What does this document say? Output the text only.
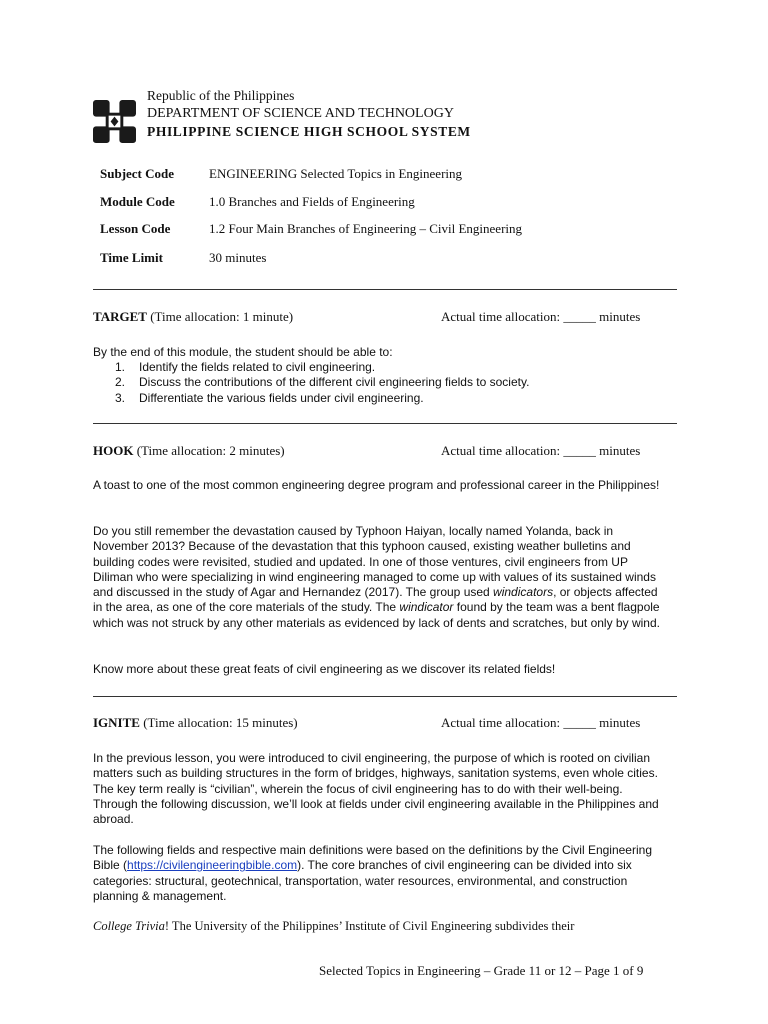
Republic of the Philippines
DEPARTMENT OF SCIENCE AND TECHNOLOGY
PHILIPPINE SCIENCE HIGH SCHOOL SYSTEM
Subject Code	ENGINEERING Selected Topics in Engineering
Module Code	1.0 Branches and Fields of Engineering
Lesson Code	1.2 Four Main Branches of Engineering – Civil Engineering
Time Limit	30 minutes
TARGET (Time allocation: 1 minute)	Actual time allocation: _____ minutes

By the end of this module, the student should be able to:

1. Identify the fields related to civil engineering.
2. Discuss the contributions of the different civil engineering fields to society.
3. Differentiate the various fields under civil engineering.
HOOK (Time allocation: 2 minutes)	Actual time allocation: _____ minutes

A toast to one of the most common engineering degree program and professional career in the Philippines!

Do you still remember the devastation caused by Typhoon Haiyan, locally named Yolanda, back in November 2013? Because of the devastation that this typhoon caused, existing weather bulletins and building codes were revisited, studied and updated. In one of those ventures, civil engineers from UP Diliman who were specializing in wind engineering managed to come up with values of its sustained winds and discussed in the study of Agar and Hernandez (2017). The group used windicators, or objects affected in the area, as one of the core materials of the study. The windicator found by the team was a bent flagpole which was not struck by any other materials as evidenced by lack of dents and scratches, but only by wind.

Know more about these great feats of civil engineering as we discover its related fields!

IGNITE (Time allocation: 15 minutes)	Actual time allocation: _____ minutes

In the previous lesson, you were introduced to civil engineering, the purpose of which is rooted on civilian matters such as building structures in the form of bridges, highways, sanitation systems, even whole cities. The key term really is “civilian”, wherein the focus of civil engineering has to do with their well-being. Through the following discussion, we’ll look at fields under civil engineering available in the Philippines and abroad.

The following fields and respective main definitions were based on the definitions by the Civil Engineering Bible (https://civilengineeringbible.com). The core branches of civil engineering can be divided into six categories: structural, geotechnical, transportation, water resources, environmental, and construction planning & management.

College Trivia! The University of the Philippines’ Institute of Civil Engineering subdivides their

Selected Topics in Engineering – Grade 11 or 12 – Page 1 of 9
